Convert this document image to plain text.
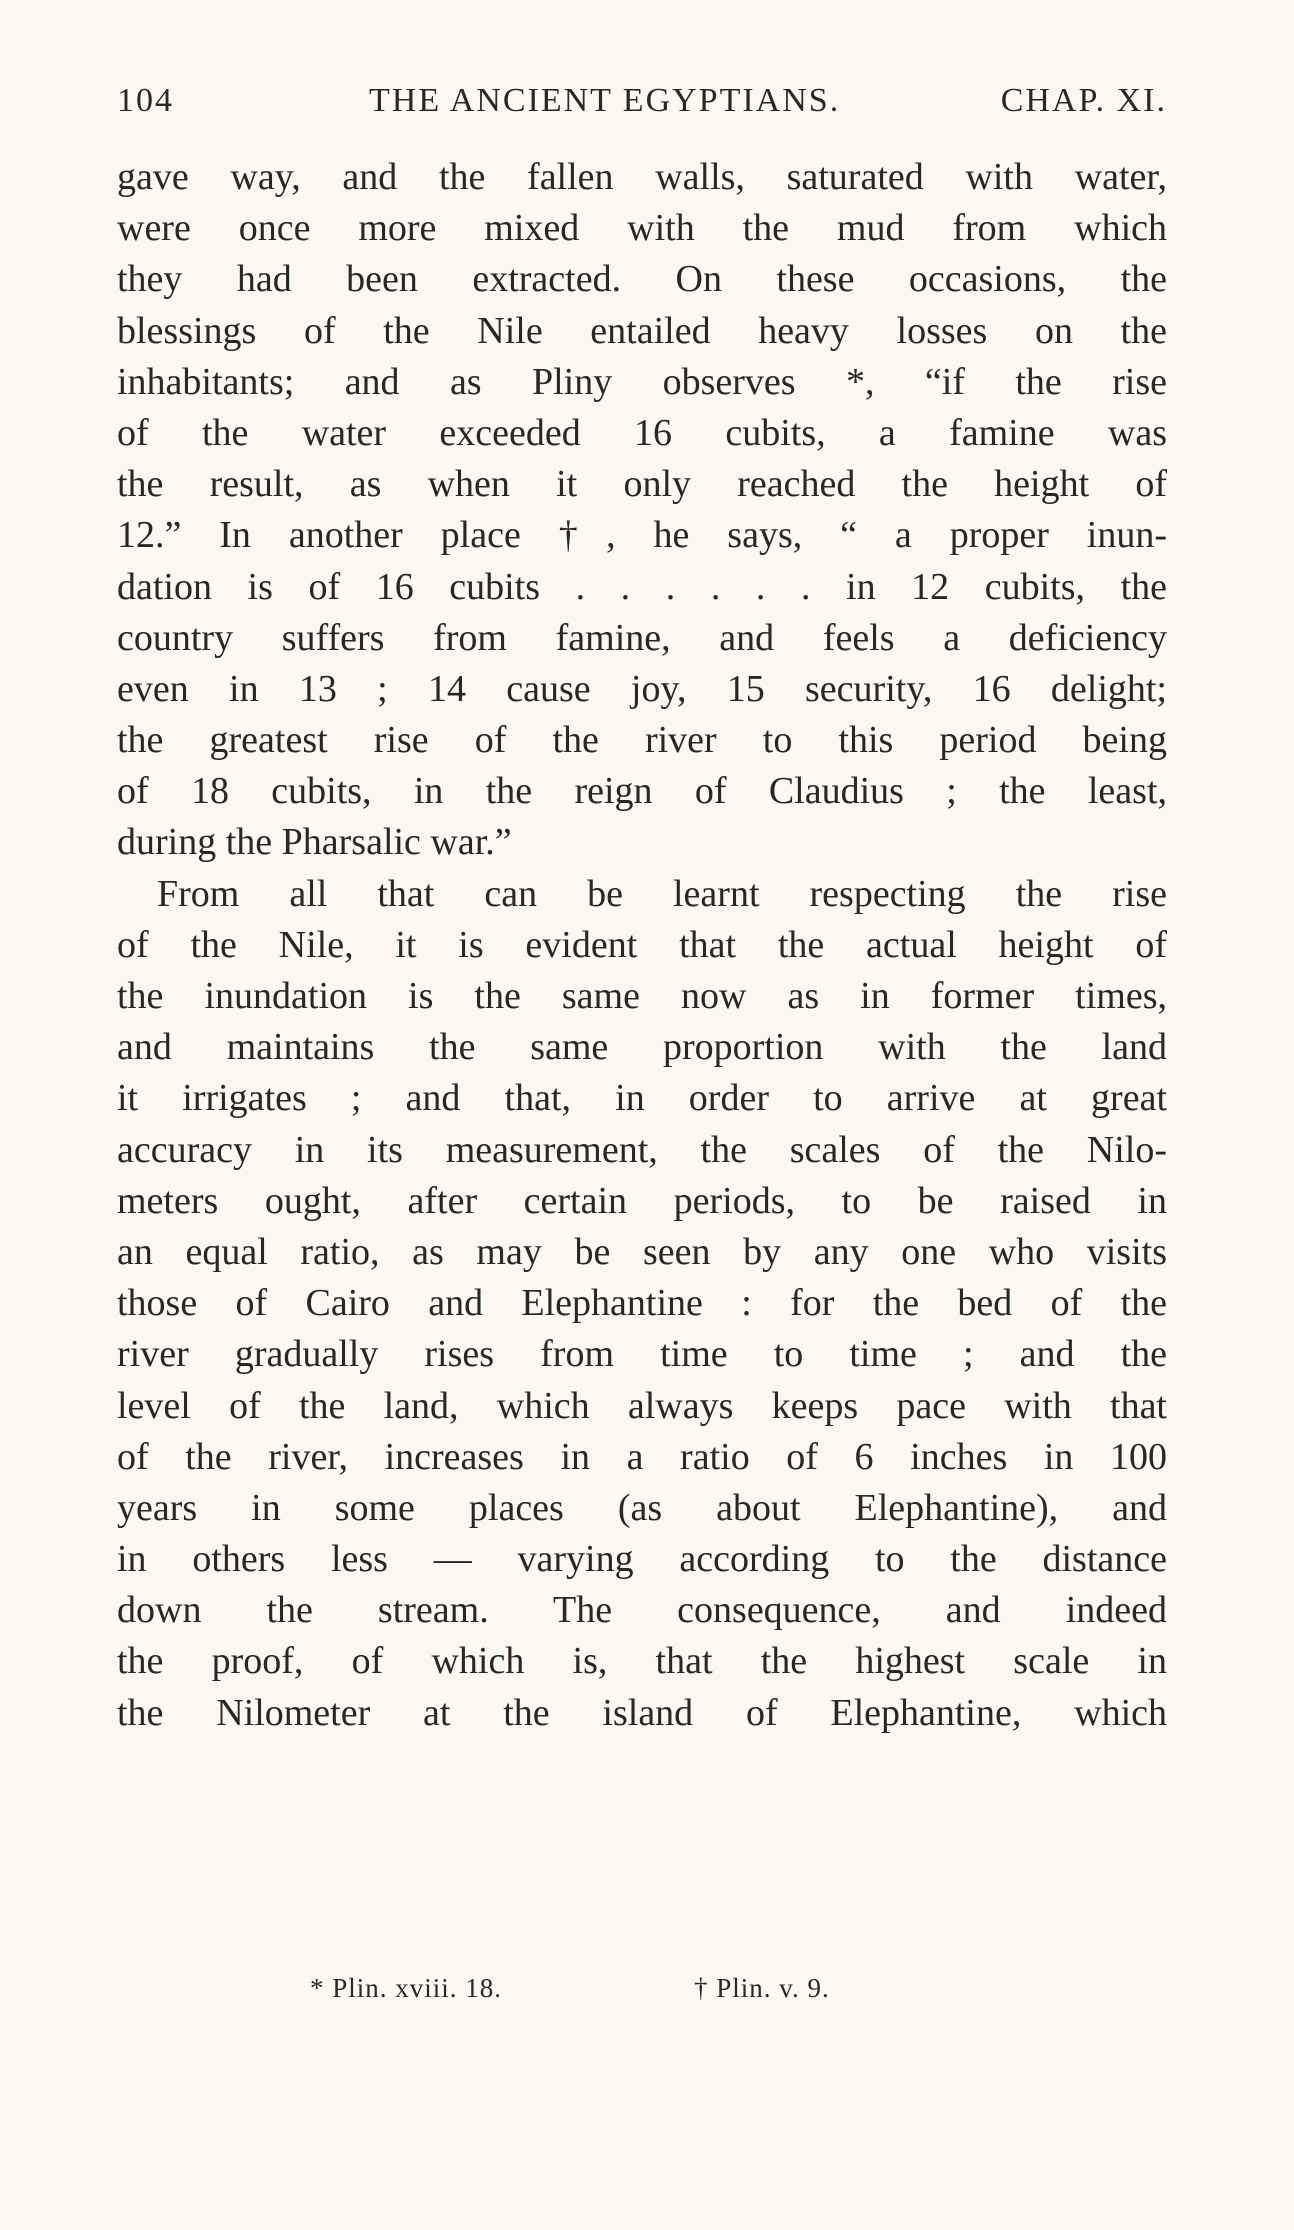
104	THE ANCIENT EGYPTIANS.	CHAP. XI.
gave way, and the fallen walls, saturated with water,
were once more mixed with the mud from which
they had been extracted. On these occasions, the
blessings of the Nile entailed heavy losses on the
inhabitants; and as Pliny observes *, “if the rise
of the water exceeded 16 cubits, a famine was
the result, as when it only reached the height of
12.” In another place †, he says, “ a proper inun-
dation is of 16 cubits . . . . . . in 12 cubits, the
country suffers from famine, and feels a deficiency
even in 13 ; 14 cause joy, 15 security, 16 delight;
the greatest rise of the river to this period being
of 18 cubits, in the reign of Claudius ; the least,
during the Pharsalic war.”
From all that can be learnt respecting the rise
of the Nile, it is evident that the actual height of
the inundation is the same now as in former times,
and maintains the same proportion with the land
it irrigates ; and that, in order to arrive at great
accuracy in its measurement, the scales of the Nilo-
meters ought, after certain periods, to be raised in
an equal ratio, as may be seen by any one who visits
those of Cairo and Elephantine : for the bed of the
river gradually rises from time to time ; and the
level of the land, which always keeps pace with that
of the river, increases in a ratio of 6 inches in 100
years in some places (as about Elephantine), and
in others less — varying according to the distance
down the stream. The consequence, and indeed
the proof, of which is, that the highest scale in
the Nilometer at the island of Elephantine, which
* Plin. xviii. 18.	† Plin. v. 9.
